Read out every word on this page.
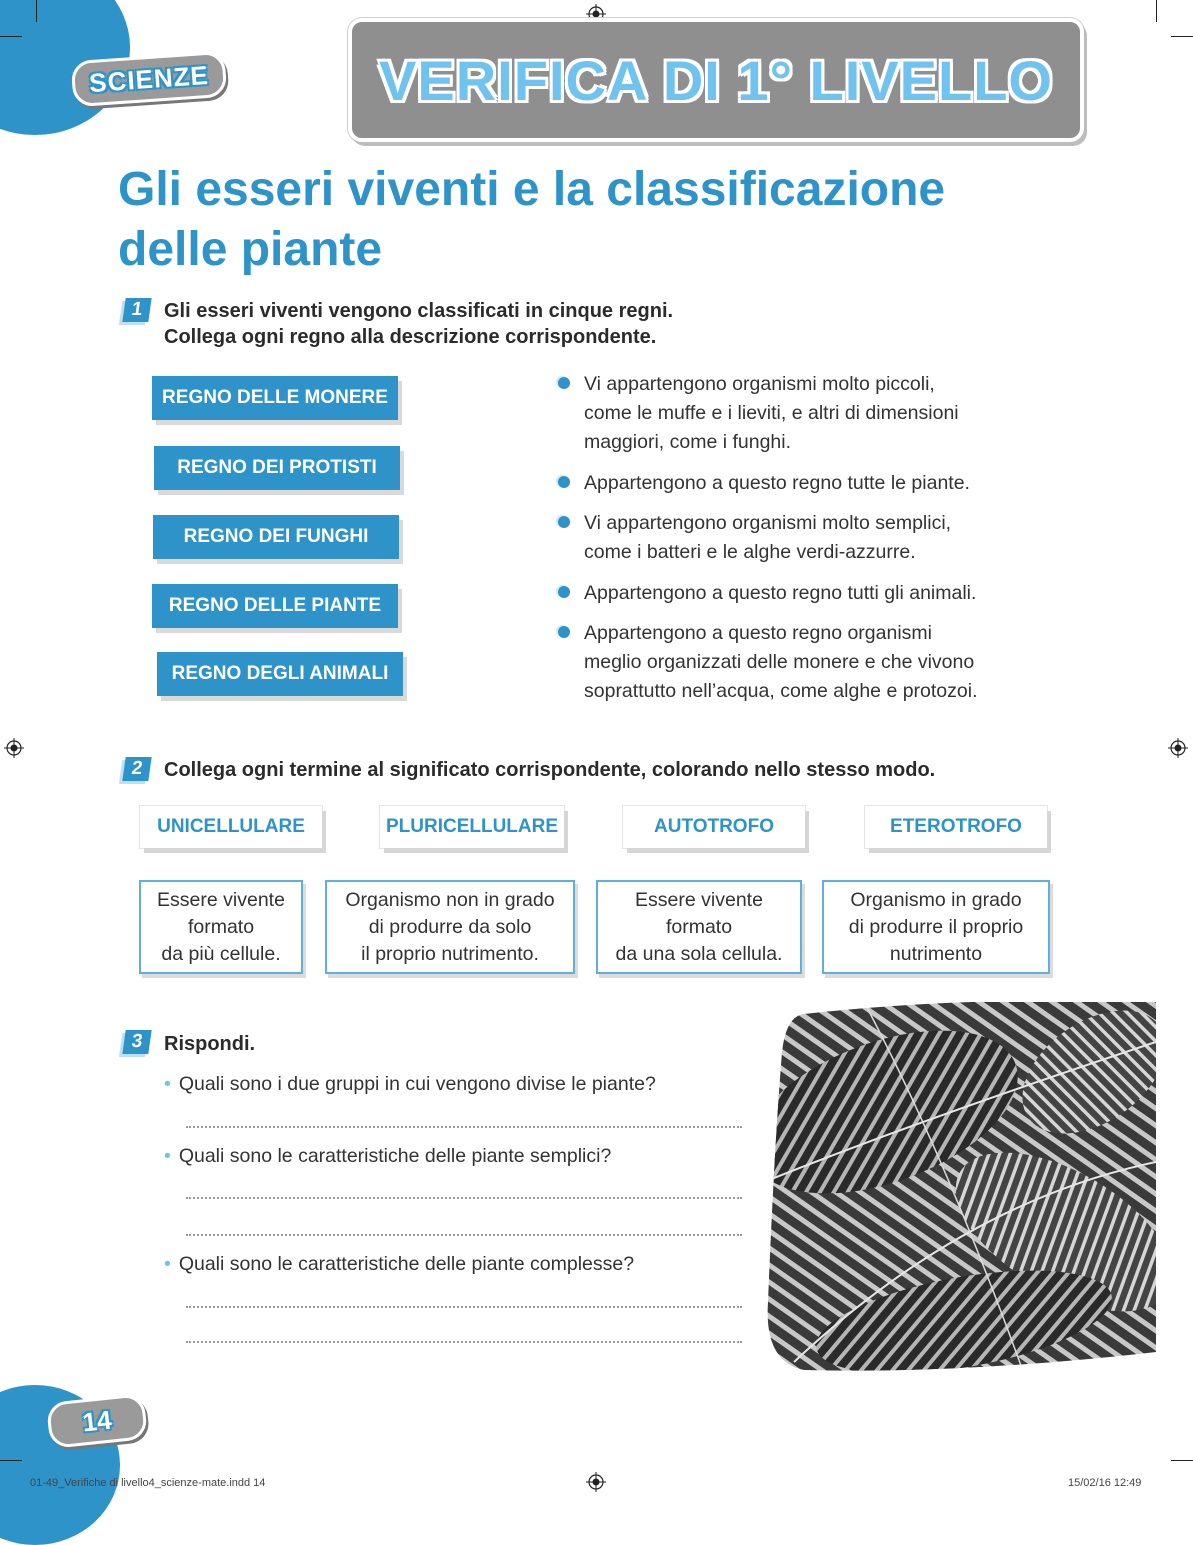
SCIENZE	VERIFICA DI 1° LIVELLO
Gli esseri viventi e la classificazione
delle piante
1	Gli esseri viventi vengono classificati in cinque regni.
Collega ogni regno alla descrizione corrispondente.
REGNO DELLE MONERE
REGNO DEI PROTISTI
REGNO DEI FUNGHI
REGNO DELLE PIANTE
REGNO DEGLI ANIMALI
Vi appartengono organismi molto piccoli,
come le muffe e i lieviti, e altri di dimensioni
maggiori, come i funghi.
Appartengono a questo regno tutte le piante.
Vi appartengono organismi molto semplici,
come i batteri e le alghe verdi-azzurre.
Appartengono a questo regno tutti gli animali.
Appartengono a questo regno organismi
meglio organizzati delle monere e che vivono
soprattutto nell’acqua, come alghe e protozoi.
2	Collega ogni termine al significato corrispondente, colorando nello stesso modo.
UNICELLULARE	PLURICELLULARE	AUTOTROFO	ETEROTROFO
Essere vivente
formato
da più cellule.
Organismo non in grado
di produrre da solo
il proprio nutrimento.
Essere vivente
formato
da una sola cellula.
Organismo in grado
di produrre il proprio
nutrimento
3	Rispondi.
• Quali sono i due gruppi in cui vengono divise le piante?
• Quali sono le caratteristiche delle piante semplici?
• Quali sono le caratteristiche delle piante complesse?
14
01-49_Verifiche di livello4_scienze-mate.indd 14	15/02/16 12:49
